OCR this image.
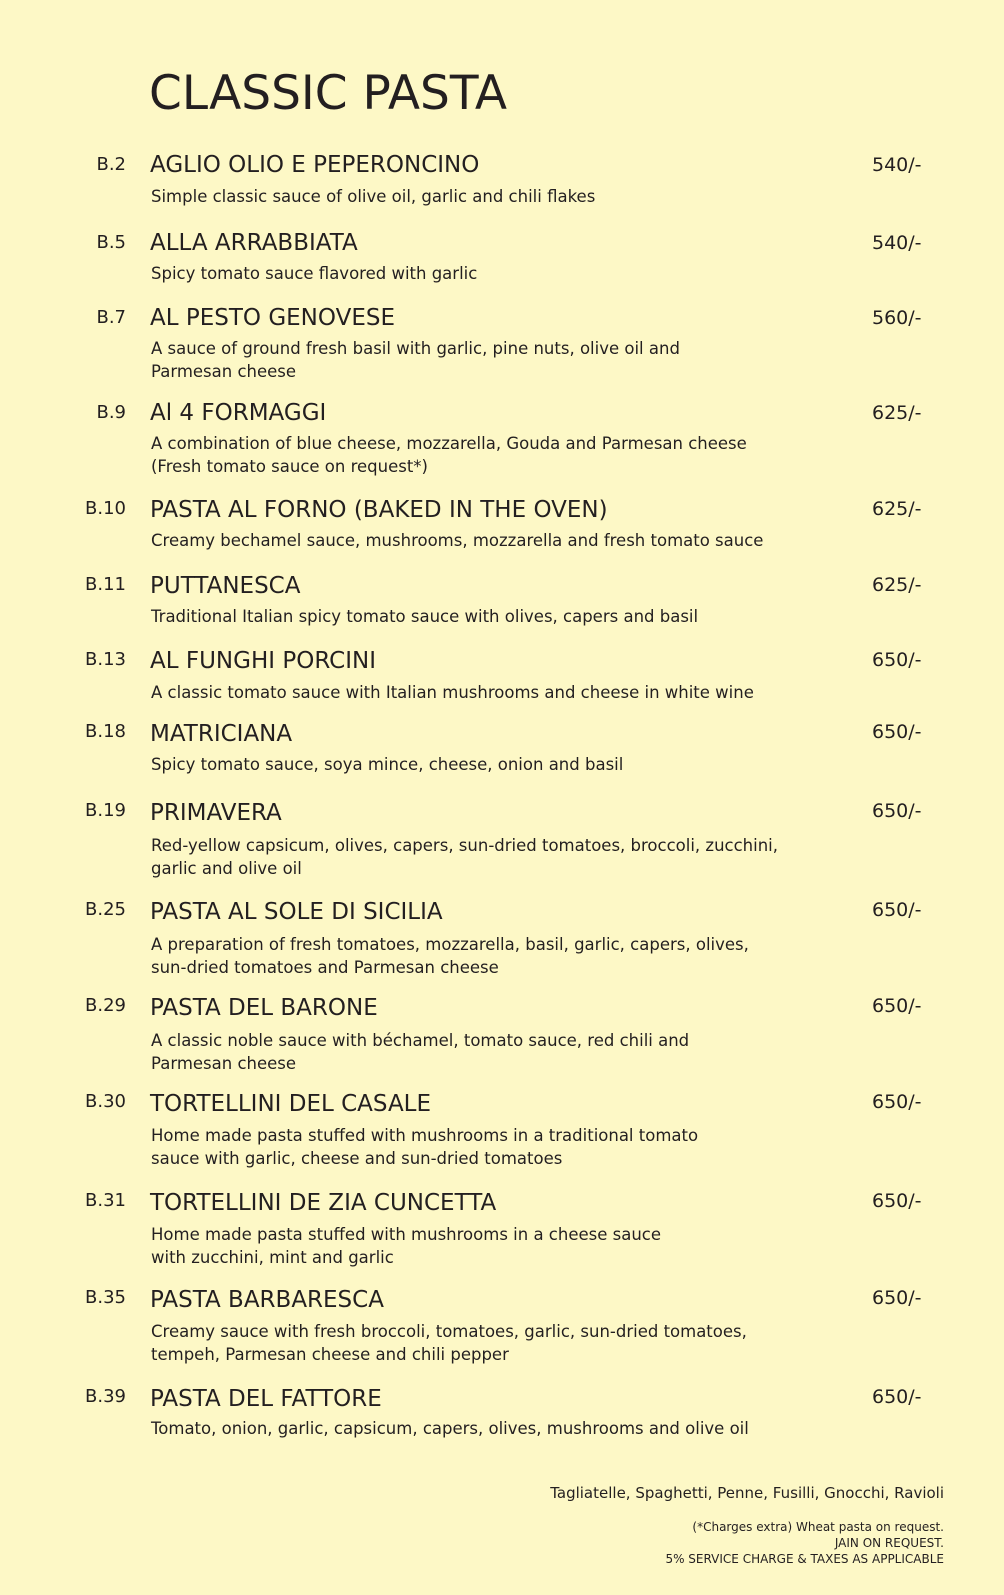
CLASSIC PASTA
B.2 AGLIO OLIO E PEPERONCINO	540/-
Simple classic sauce of olive oil, garlic and chili flakes
B.5 ALLA ARRABBIATA	540/-
Spicy tomato sauce flavored with garlic
B.7 AL PESTO GENOVESE	560/-
A sauce of ground fresh basil with garlic, pine nuts, olive oil and Parmesan cheese
B.9 Al 4 FORMAGGI	625/-
A combination of blue cheese, mozzarella, Gouda and Parmesan cheese (Fresh tomato sauce on request*)
B.10 PASTA AL FORNO (BAKED IN THE OVEN)	625/-
Creamy bechamel sauce, mushrooms, mozzarella and fresh tomato sauce
B.11 PUTTANESCA	625/-
Traditional Italian spicy tomato sauce with olives, capers and basil
B.13 AL FUNGHI PORCINI	650/-
A classic tomato sauce with Italian mushrooms and cheese in white wine
B.18 MATRICIANA	650/-
Spicy tomato sauce, soya mince, cheese, onion and basil
B.19 PRIMAVERA	650/-
Red-yellow capsicum, olives, capers, sun-dried tomatoes, broccoli, zucchini, garlic and olive oil
B.25 PASTA AL SOLE DI SICILIA	650/-
A preparation of fresh tomatoes, mozzarella, basil, garlic, capers, olives, sun-dried tomatoes and Parmesan cheese
B.29 PASTA DEL BARONE	650/-
A classic noble sauce with béchamel, tomato sauce, red chili and Parmesan cheese
B.30 TORTELLINI DEL CASALE	650/-
Home made pasta stuffed with mushrooms in a traditional tomato sauce with garlic, cheese and sun-dried tomatoes
B.31 TORTELLINI DE ZIA CUNCETTA	650/-
Home made pasta stuffed with mushrooms in a cheese sauce with zucchini, mint and garlic
B.35 PASTA BARBARESCA	650/-
Creamy sauce with fresh broccoli, tomatoes, garlic, sun-dried tomatoes, tempeh, Parmesan cheese and chili pepper
B.39 PASTA DEL FATTORE	650/-
Tomato, onion, garlic, capsicum, capers, olives, mushrooms and olive oil
Tagliatelle, Spaghetti, Penne, Fusilli, Gnocchi, Ravioli
(*Charges extra) Wheat pasta on request.
JAIN ON REQUEST.
5% SERVICE CHARGE & TAXES AS APPLICABLE
